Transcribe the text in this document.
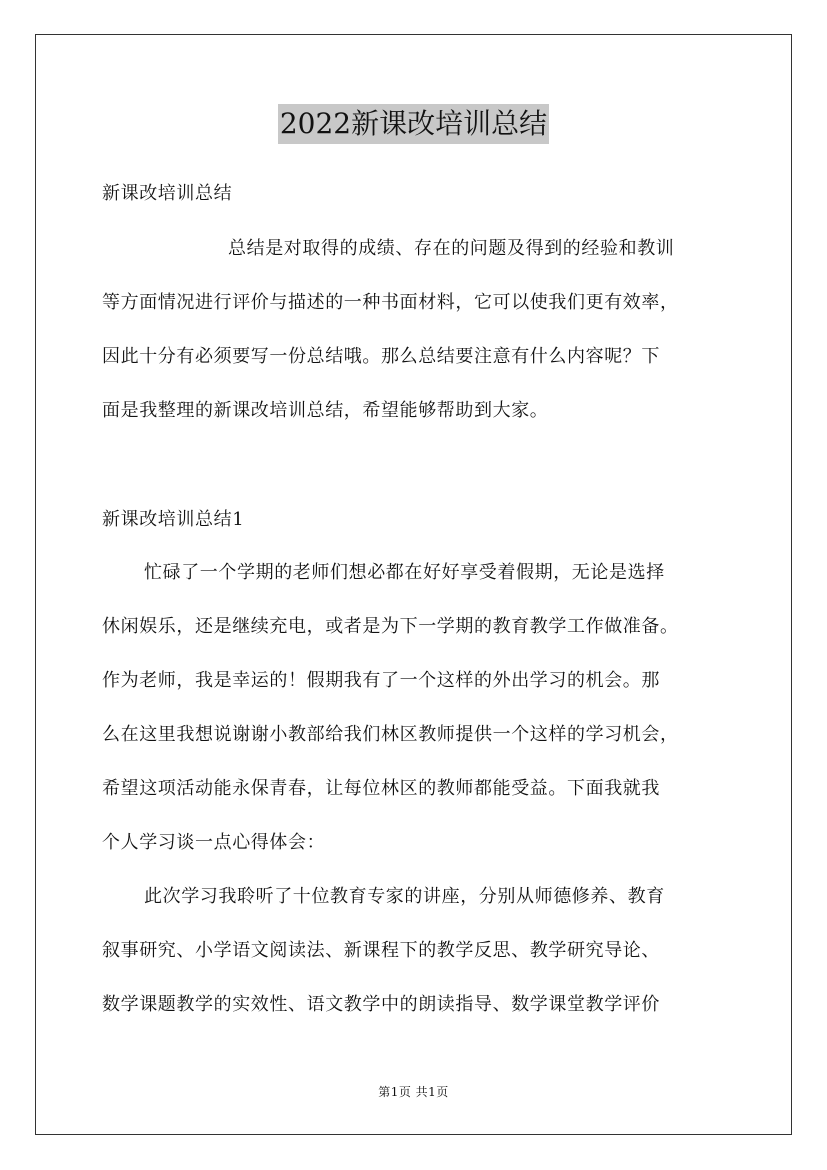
2022新课改培训总结
新课改培训总结
总结是对取得的成绩、存在的问题及得到的经验和教训
等方面情况进行评价与描述的一种书面材料，它可以使我们更有效率，
因此十分有必须要写一份总结哦。那么总结要注意有什么内容呢？下
面是我整理的新课改培训总结，希望能够帮助到大家。
新课改培训总结1
忙碌了一个学期的老师们想必都在好好享受着假期，无论是选择
休闲娱乐，还是继续充电，或者是为下一学期的教育教学工作做准备。
作为老师，我是幸运的！假期我有了一个这样的外出学习的机会。那
么在这里我想说谢谢小教部给我们林区教师提供一个这样的学习机会，
希望这项活动能永保青春，让每位林区的教师都能受益。下面我就我
个人学习谈一点心得体会：
此次学习我聆听了十位教育专家的讲座，分别从师德修养、教育
叙事研究、小学语文阅读法、新课程下的教学反思、教学研究导论、
数学课题教学的实效性、语文教学中的朗读指导、数学课堂教学评价
第1页 共1页
